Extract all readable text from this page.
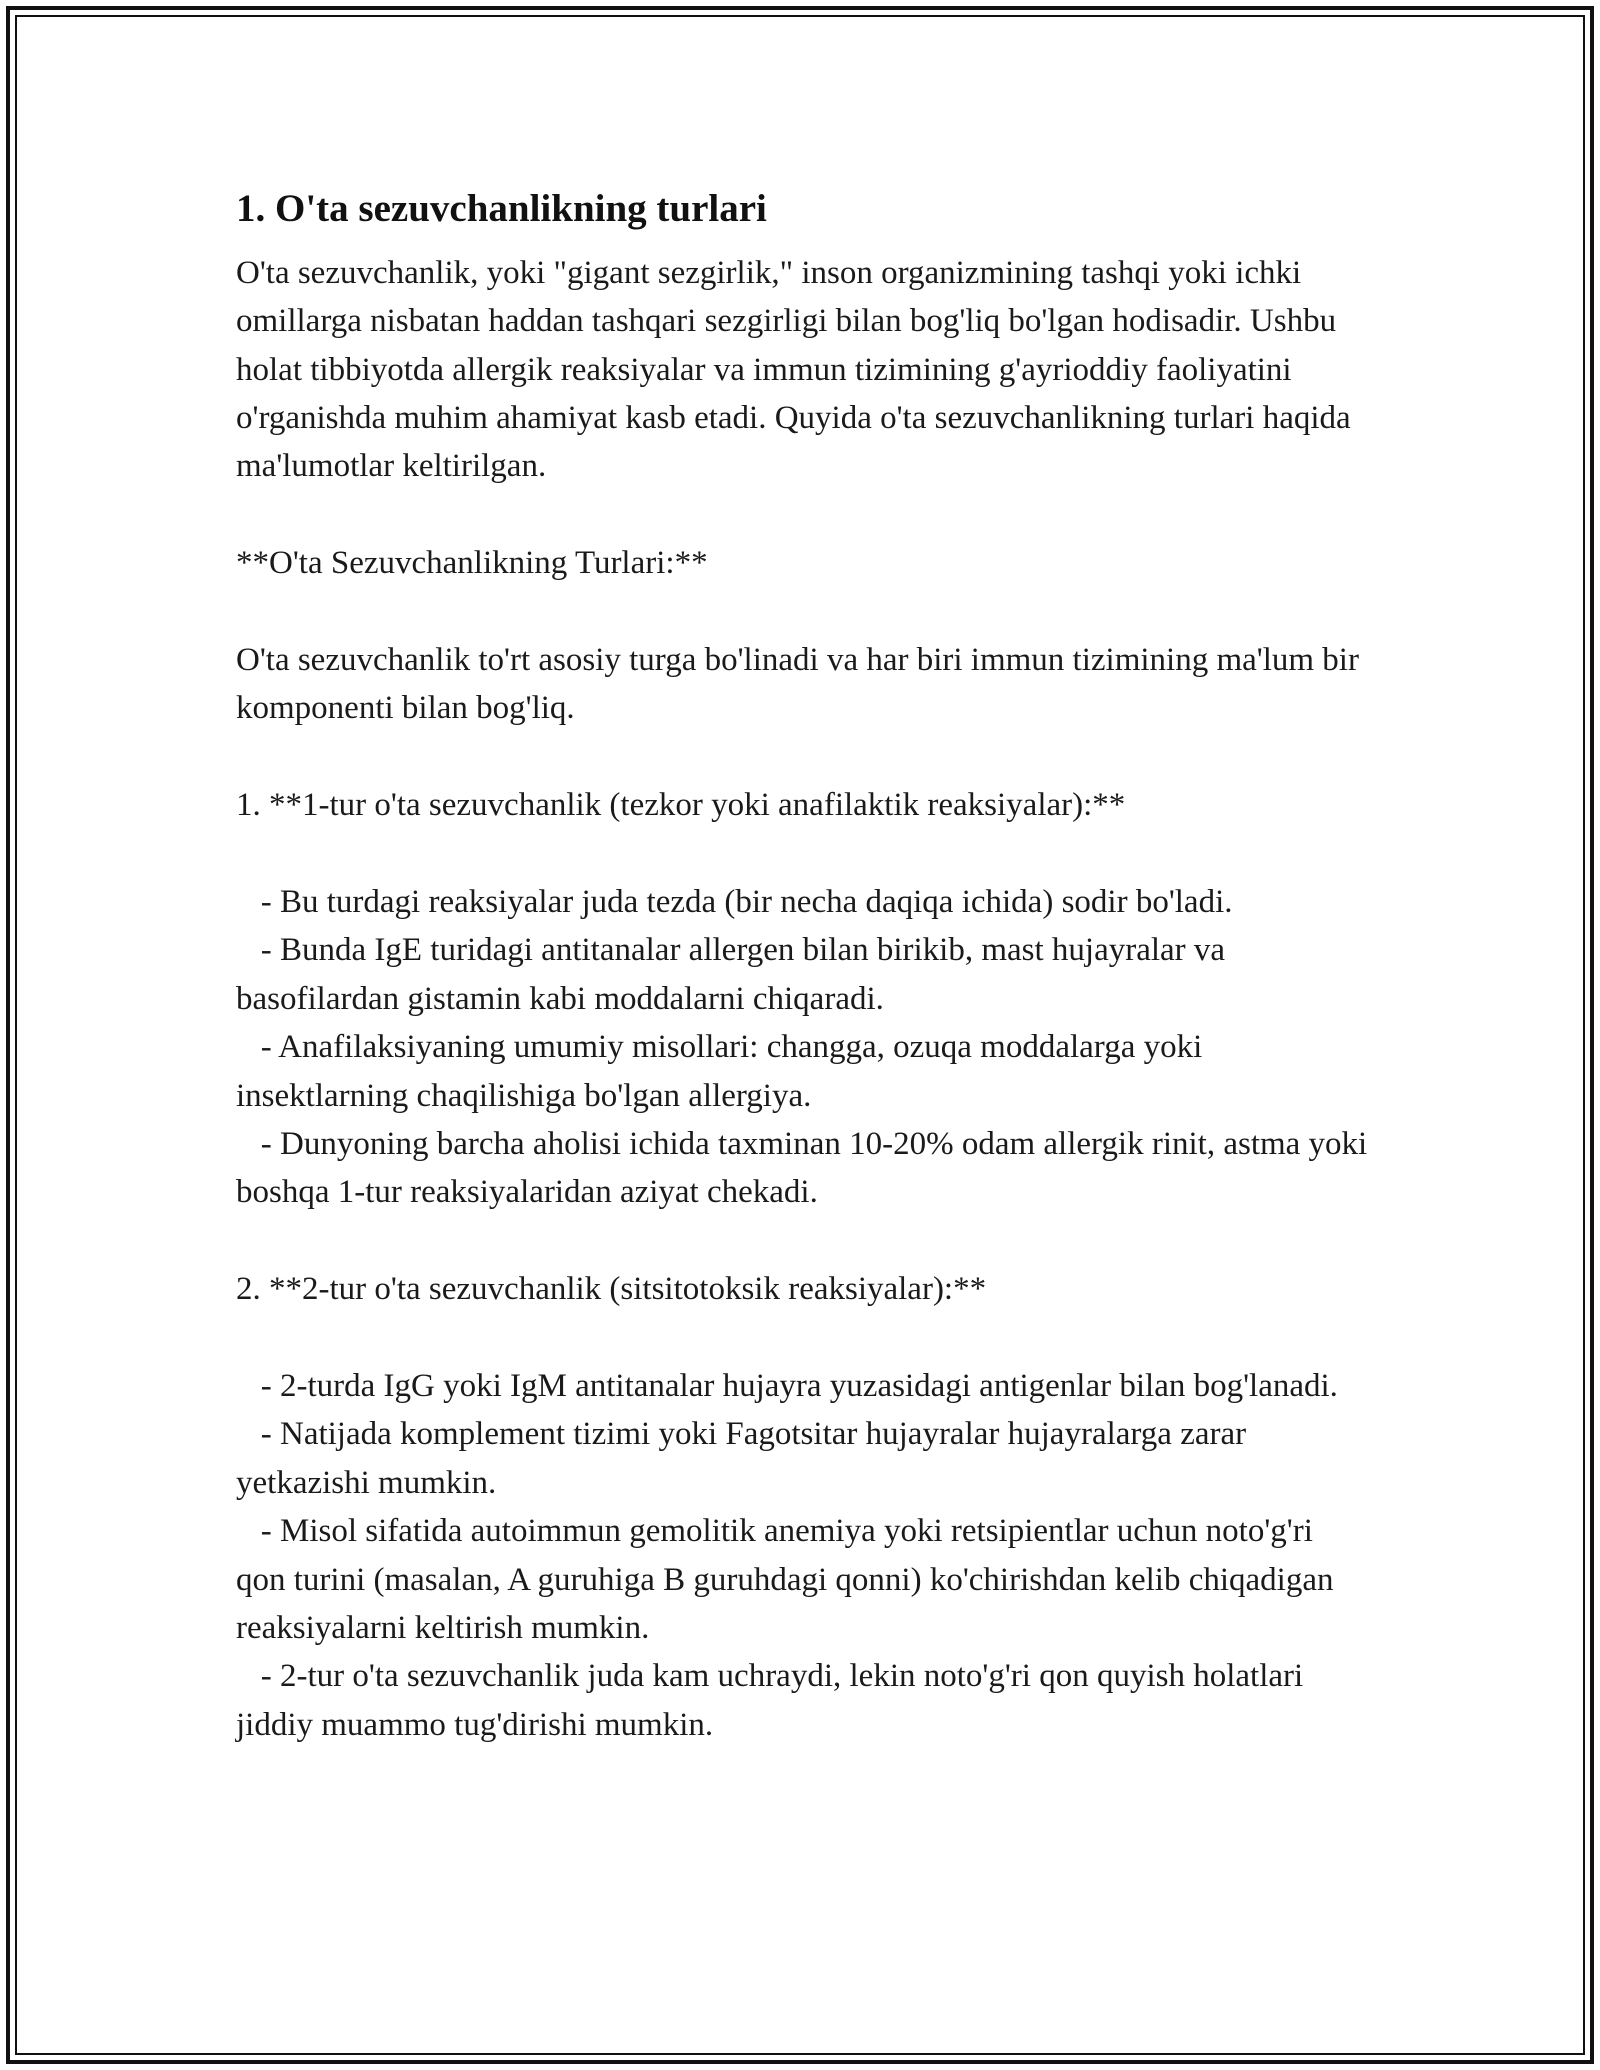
1. O'ta sezuvchanlikning turlari

O'ta sezuvchanlik, yoki "gigant sezgirlik," inson organizmining tashqi yoki ichki omillarga nisbatan haddan tashqari sezgirligi bilan bog'liq bo'lgan hodisadir. Ushbu holat tibbiyotda allergik reaksiyalar va immun tizimining g'ayrioddiy faoliyatini o'rganishda muhim ahamiyat kasb etadi. Quyida o'ta sezuvchanlikning turlari haqida ma'lumotlar keltirilgan.

**O'ta Sezuvchanlikning Turlari:**

O'ta sezuvchanlik to'rt asosiy turga bo'linadi va har biri immun tizimining ma'lum bir komponenti bilan bog'liq.

1. **1-tur o'ta sezuvchanlik (tezkor yoki anafilaktik reaksiyalar):**

- Bu turdagi reaksiyalar juda tezda (bir necha daqiqa ichida) sodir bo'ladi.

- Bunda IgE turidagi antitanalar allergen bilan birikib, mast hujayralar va basofilardan gistamin kabi moddalarni chiqaradi.

- Anafilaksiyaning umumiy misollari: changga, ozuqa moddalarga yoki insektlarning chaqilishiga bo'lgan allergiya.

- Dunyoning barcha aholisi ichida taxminan 10-20% odam allergik rinit, astma yoki boshqa 1-tur reaksiyalaridan aziyat chekadi.

2. **2-tur o'ta sezuvchanlik (sitsitotoksik reaksiyalar):**

- 2-turda IgG yoki IgM antitanalar hujayra yuzasidagi antigenlar bilan bog'lanadi.

- Natijada komplement tizimi yoki Fagotsitar hujayralar hujayralarga zarar yetkazishi mumkin.

- Misol sifatida autoimmun gemolitik anemiya yoki retsipientlar uchun noto'g'ri qon turini (masalan, A guruhiga B guruhdagi qonni) ko'chirishdan kelib chiqadigan reaksiyalarni keltirish mumkin.

- 2-tur o'ta sezuvchanlik juda kam uchraydi, lekin noto'g'ri qon quyish holatlari jiddiy muammo tug'dirishi mumkin.
